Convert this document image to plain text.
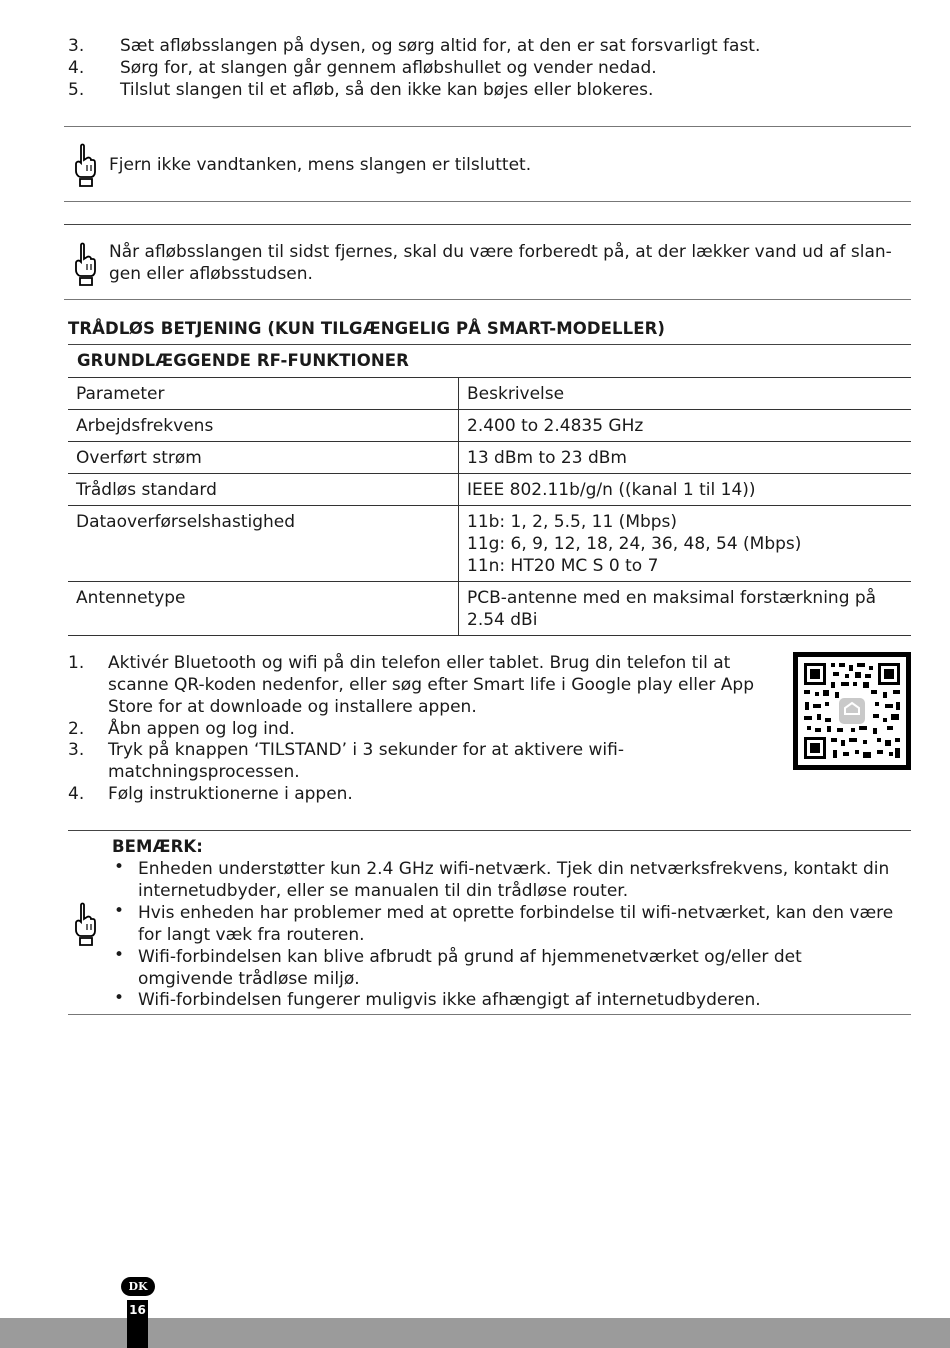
3. Sæt afløbsslangen på dysen, og sørg altid for, at den er sat forsvarligt fast.
4. Sørg for, at slangen går gennem afløbshullet og vender nedad.
5. Tilslut slangen til et afløb, så den ikke kan bøjes eller blokeres.
Fjern ikke vandtanken, mens slangen er tilsluttet.
Når afløbsslangen til sidst fjernes, skal du være forberedt på, at der lækker vand ud af slan-
gen eller afløbsstudsen.
TRÅDLØS BETJENING (KUN TILGÆNGELIG PÅ SMART-MODELLER)
GRUNDLÆGGENDE RF-FUNKTIONER
Parameter	Beskrivelse
Arbejdsfrekvens	2.400 to 2.4835 GHz
Overført strøm	13 dBm to 23 dBm
Trådløs standard	IEEE 802.11b/g/n ((kanal 1 til 14))
Dataoverførselshastighed	11b: 1, 2, 5.5, 11 (Mbps)
11g: 6, 9, 12, 18, 24, 36, 48, 54 (Mbps)
11n: HT20 MC S 0 to 7

Antennetype	PCB-antenne med en maksimal forstærkning på
2.54 dBi
1. Aktivér Bluetooth og wifi på din telefon eller tablet. Brug din telefon til at
scanne QR-koden nedenfor, eller søg efter Smart life i Google play eller App
Store for at downloade og installere appen.
2. Åbn appen og log ind.
3. Tryk på knappen ‘TILSTAND’ i 3 sekunder for at aktivere wifi-
matchningsprocessen.
4. Følg instruktionerne i appen.
BEMÆRK:
• Enheden understøtter kun 2.4 GHz wifi-netværk. Tjek din netværksfrekvens, kontakt din
internetudbyder, eller se manualen til din trådløse router.
• Hvis enheden har problemer med at oprette forbindelse til wifi-netværket, kan den være
for langt væk fra routeren.
• Wifi-forbindelsen kan blive afbrudt på grund af hjemmenetværket og/eller det
omgivende trådløse miljø.
• Wifi-forbindelsen fungerer muligvis ikke afhængigt af internetudbyderen.
DK
16
